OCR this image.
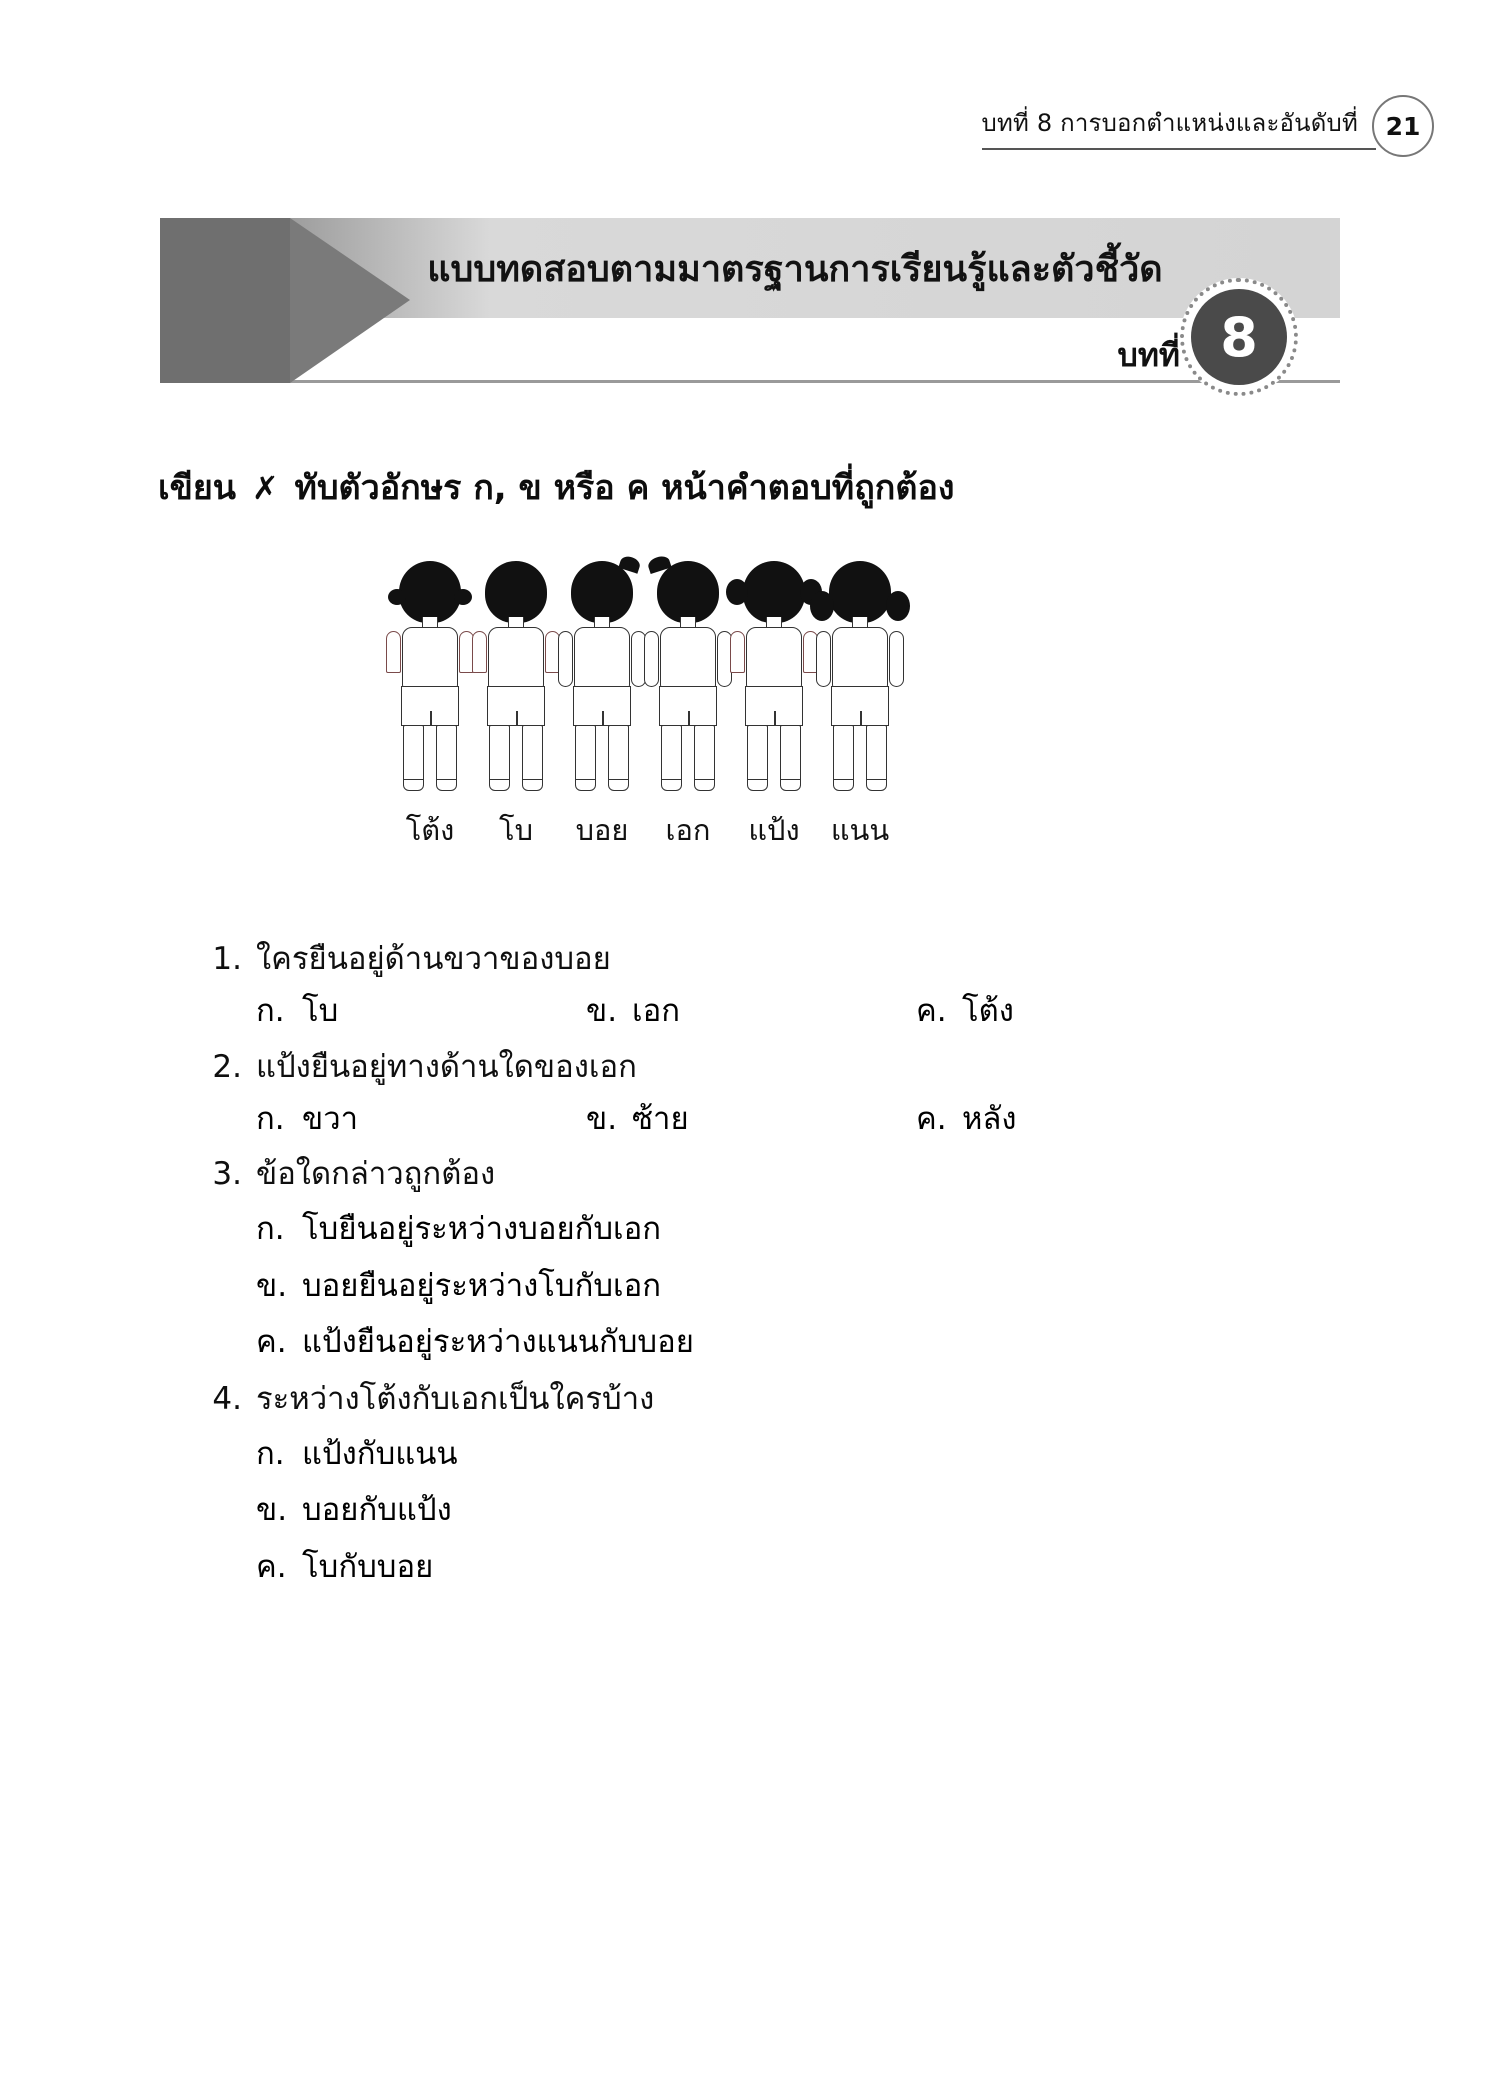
บทที่ 8 การบอกตำแหน่งและอันดับที่	21
แบบทดสอบตามมาตรฐานการเรียนรู้และตัวชี้วัด
บทที่ 8
เขียน ✗ ทับตัวอักษร ก, ข หรือ ค หน้าคำตอบที่ถูกต้อง
โต้ง	โบ	บอย	เอก	แป้ง	แนน
1. ใครยืนอยู่ด้านขวาของบอย
ก. โบ	ข. เอก	ค. โต้ง
2. แป้งยืนอยู่ทางด้านใดของเอก
ก. ขวา	ข. ซ้าย	ค. หลัง
3. ข้อใดกล่าวถูกต้อง
ก. โบยืนอยู่ระหว่างบอยกับเอก
ข. บอยยืนอยู่ระหว่างโบกับเอก
ค. แป้งยืนอยู่ระหว่างแนนกับบอย
4. ระหว่างโต้งกับเอกเป็นใครบ้าง
ก. แป้งกับแนน
ข. บอยกับแป้ง
ค. โบกับบอย
